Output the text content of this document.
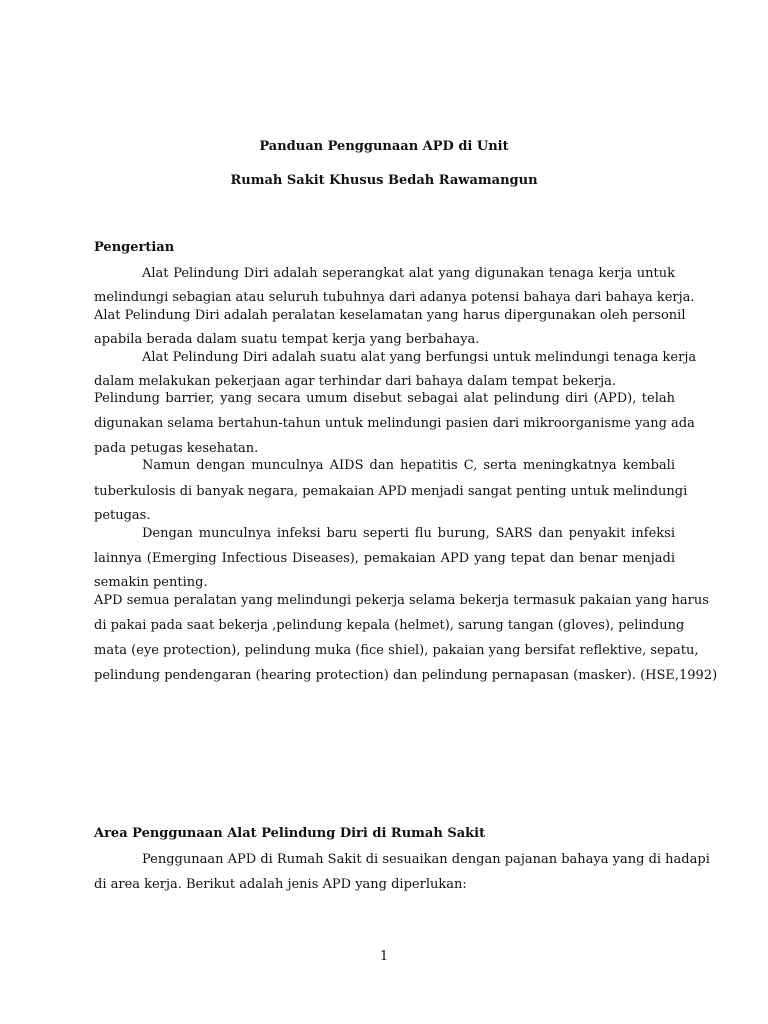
Panduan Penggunaan APD di Unit
Rumah Sakit Khusus Bedah Rawamangun
Pengertian
Alat Pelindung Diri adalah seperangkat alat yang digunakan tenaga kerja untuk
melindungi sebagian atau seluruh tubuhnya dari adanya potensi bahaya dari bahaya kerja.
Alat Pelindung Diri adalah peralatan keselamatan yang harus dipergunakan oleh personil
apabila berada dalam suatu tempat kerja yang berbahaya.
Alat Pelindung Diri adalah suatu alat yang berfungsi untuk melindungi tenaga kerja
dalam melakukan pekerjaan agar terhindar dari bahaya dalam tempat bekerja.
Pelindung barrier, yang secara umum disebut sebagai alat pelindung diri (APD), telah
digunakan selama bertahun-tahun untuk melindungi pasien dari mikroorganisme yang ada
pada petugas kesehatan.
Namun dengan munculnya AIDS dan hepatitis C, serta meningkatnya kembali
tuberkulosis di banyak negara, pemakaian APD menjadi sangat penting untuk melindungi
petugas.
Dengan munculnya infeksi baru seperti flu burung, SARS dan penyakit infeksi
lainnya (Emerging Infectious Diseases), pemakaian APD yang tepat dan benar menjadi
semakin penting.
APD semua peralatan yang melindungi pekerja selama bekerja termasuk pakaian yang harus
di pakai pada saat bekerja ,pelindung kepala (helmet), sarung tangan (gloves), pelindung
mata (eye protection), pelindung muka (fice shiel), pakaian yang bersifat reflektive, sepatu,
pelindung pendengaran (hearing protection) dan pelindung pernapasan (masker). (HSE,1992)
Area Penggunaan Alat Pelindung Diri di Rumah Sakit
Penggunaan APD di Rumah Sakit di sesuaikan dengan pajanan bahaya yang di hadapi
di area kerja. Berikut adalah jenis APD yang diperlukan:
1
